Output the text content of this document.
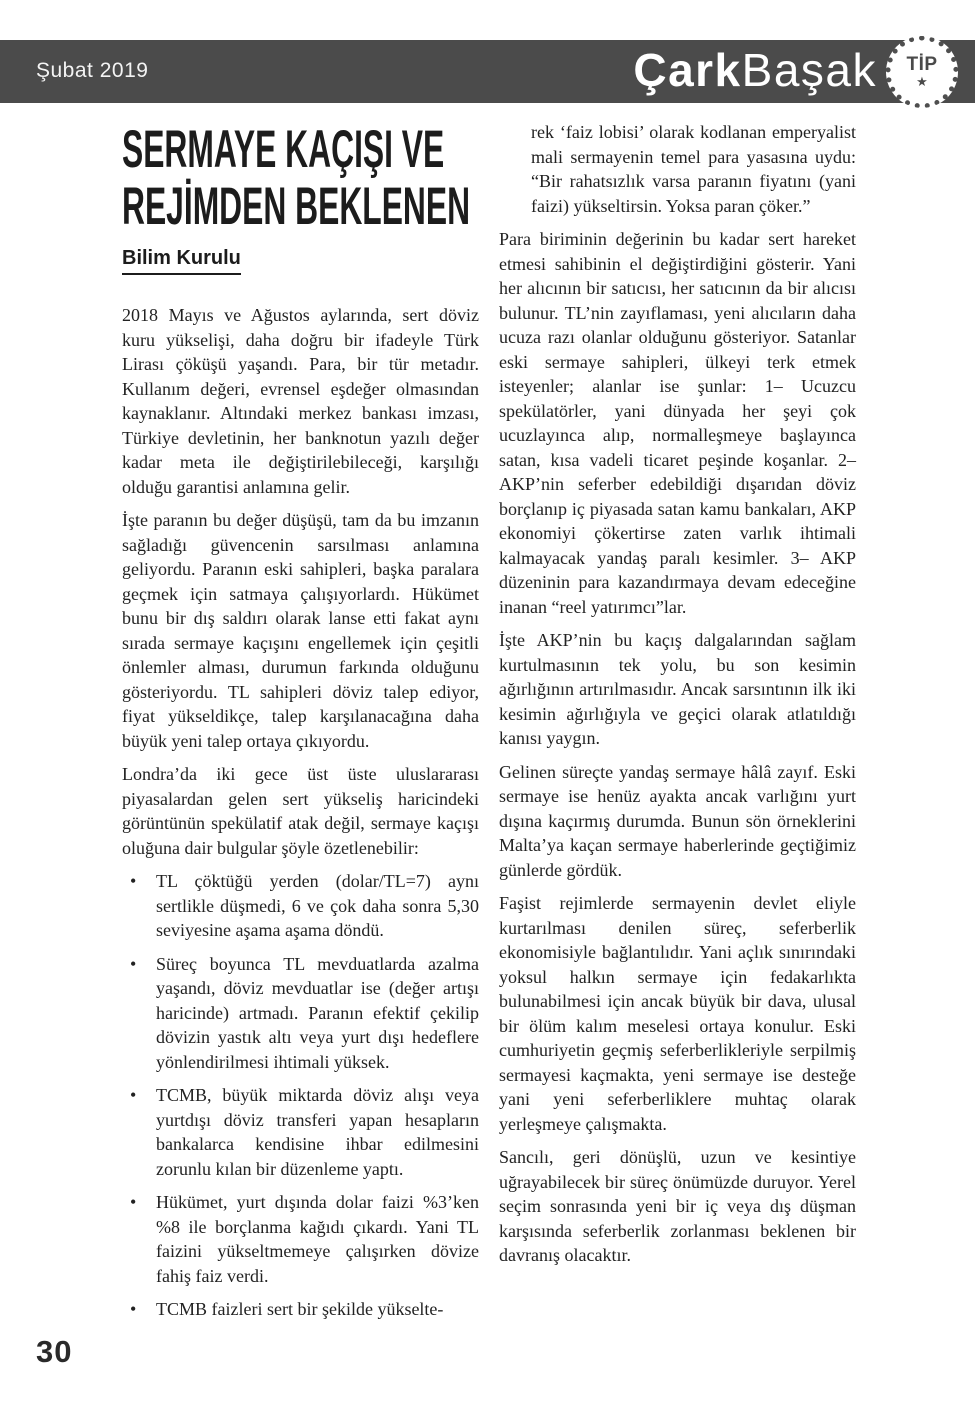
Şubat 2019	ÇarkBaşak TİP
★
SERMAYE KAÇIŞI VE
REJİMDEN BEKLENEN
Bilim Kurulu

2018 Mayıs ve Ağustos aylarında, sert döviz kuru yükselişi, daha doğru bir ifadeyle Türk Lirası çöküşü yaşandı. Para, bir tür metadır. Kullanım değeri, evrensel eşdeğer olmasından kaynaklanır. Altındaki merkez bankası imzası, Türkiye devletinin, her banknotun yazılı değer kadar meta ile değiştirilebileceği, karşılığı olduğu garantisi anlamına gelir.

İşte paranın bu değer düşüşü, tam da bu imzanın sağladığı güvencenin sarsılması anlamına geliyordu. Paranın eski sahipleri, başka paralara geçmek için satmaya çalışıyorlardı. Hükümet bunu bir dış saldırı olarak lanse etti fakat aynı sırada sermaye kaçışını engellemek için çeşitli önlemler alması, durumun farkında olduğunu gösteriyordu. TL sahipleri döviz talep ediyor, fiyat yükseldikçe, talep karşılanacağına daha büyük yeni talep ortaya çıkıyordu.

Londra’da iki gece üst üste uluslararası piyasalardan gelen sert yükseliş haricindeki görüntünün spekülatif atak değil, sermaye kaçışı oluğuna dair bulgular şöyle özetlenebilir:

•	TL çöktüğü yerden (dolar/TL=7) aynı sertlikle düşmedi, 6 ve çok daha sonra 5,30 seviyesine aşama aşama döndü.
•	Süreç boyunca TL mevduatlarda azalma yaşandı, döviz mevduatlar ise (değer artışı haricinde) artmadı. Paranın efektif çekilip dövizin yastık altı veya yurt dışı hedeflere yönlendirilmesi ihtimali yüksek.
•	TCMB, büyük miktarda döviz alışı veya yurtdışı döviz transferi yapan hesapların bankalarca kendisine ihbar edilmesini zorunlu kılan bir düzenleme yaptı.
•	Hükümet, yurt dışında dolar faizi %3’ken %8 ile borçlanma kağıdı çıkardı. Yani TL faizini yükseltmemeye çalışırken dövize fahiş faiz verdi.
•	TCMB faizleri sert bir şekilde yükselte-
rek ‘faiz lobisi’ olarak kodlanan emperyalist mali sermayenin temel para yasasına uydu: “Bir rahatsızlık varsa paranın fiyatını (yani faizi) yükseltirsin. Yoksa paran çöker.”

Para biriminin değerinin bu kadar sert hareket etmesi sahibinin el değiştirdiğini gösterir. Yani her alıcının bir satıcısı, her satıcının da bir alıcısı bulunur. TL’nin zayıflaması, yeni alıcıların daha ucuza razı olanlar olduğunu gösteriyor. Satanlar eski sermaye sahipleri, ülkeyi terk etmek isteyenler; alanlar ise şunlar: 1– Ucuzcu spekülatörler, yani dünyada her şeyi çok ucuzlayınca alıp, normalleşmeye başlayınca satan, kısa vadeli ticaret peşinde koşanlar. 2– AKP’nin seferber edebildiği dışarıdan döviz borçlanıp iç piyasada satan kamu bankaları, AKP ekonomiyi çökertirse zaten varlık ihtimali kalmayacak yandaş paralı kesimler. 3– AKP düzeninin para kazandırmaya devam edeceğine inanan “reel yatırımcı”lar.

İşte AKP’nin bu kaçış dalgalarından sağlam kurtulmasının tek yolu, bu son kesimin ağırlığının artırılmasıdır. Ancak sarsıntının ilk iki kesimin ağırlığıyla ve geçici olarak atlatıldığı kanısı yaygın.

Gelinen süreçte yandaş sermaye hâlâ zayıf. Eski sermaye ise henüz ayakta ancak varlığını yurt dışına kaçırmış durumda. Bunun sön örneklerini Malta’ya kaçan sermaye haberlerinde geçtiğimiz günlerde gördük.

Faşist rejimlerde sermayenin devlet eliyle kurtarılması denilen süreç, seferberlik ekonomisiyle bağlantılıdır. Yani açlık sınırındaki yoksul halkın sermaye için fedakarlıkta bulunabilmesi için ancak büyük bir dava, ulusal bir ölüm kalım meselesi ortaya konulur. Eski cumhuriyetin geçmiş seferberlikleriyle serpilmiş sermayesi kaçmakta, yeni sermaye ise desteğe yani yeni seferberliklere muhtaç olarak yerleşmeye çalışmakta.

Sancılı, geri dönüşlü, uzun ve kesintiye uğrayabilecek bir süreç önümüzde duruyor. Yerel seçim sonrasında yeni bir iç veya dış düşman karşısında seferberlik zorlanması beklenen bir davranış olacaktır.

30
